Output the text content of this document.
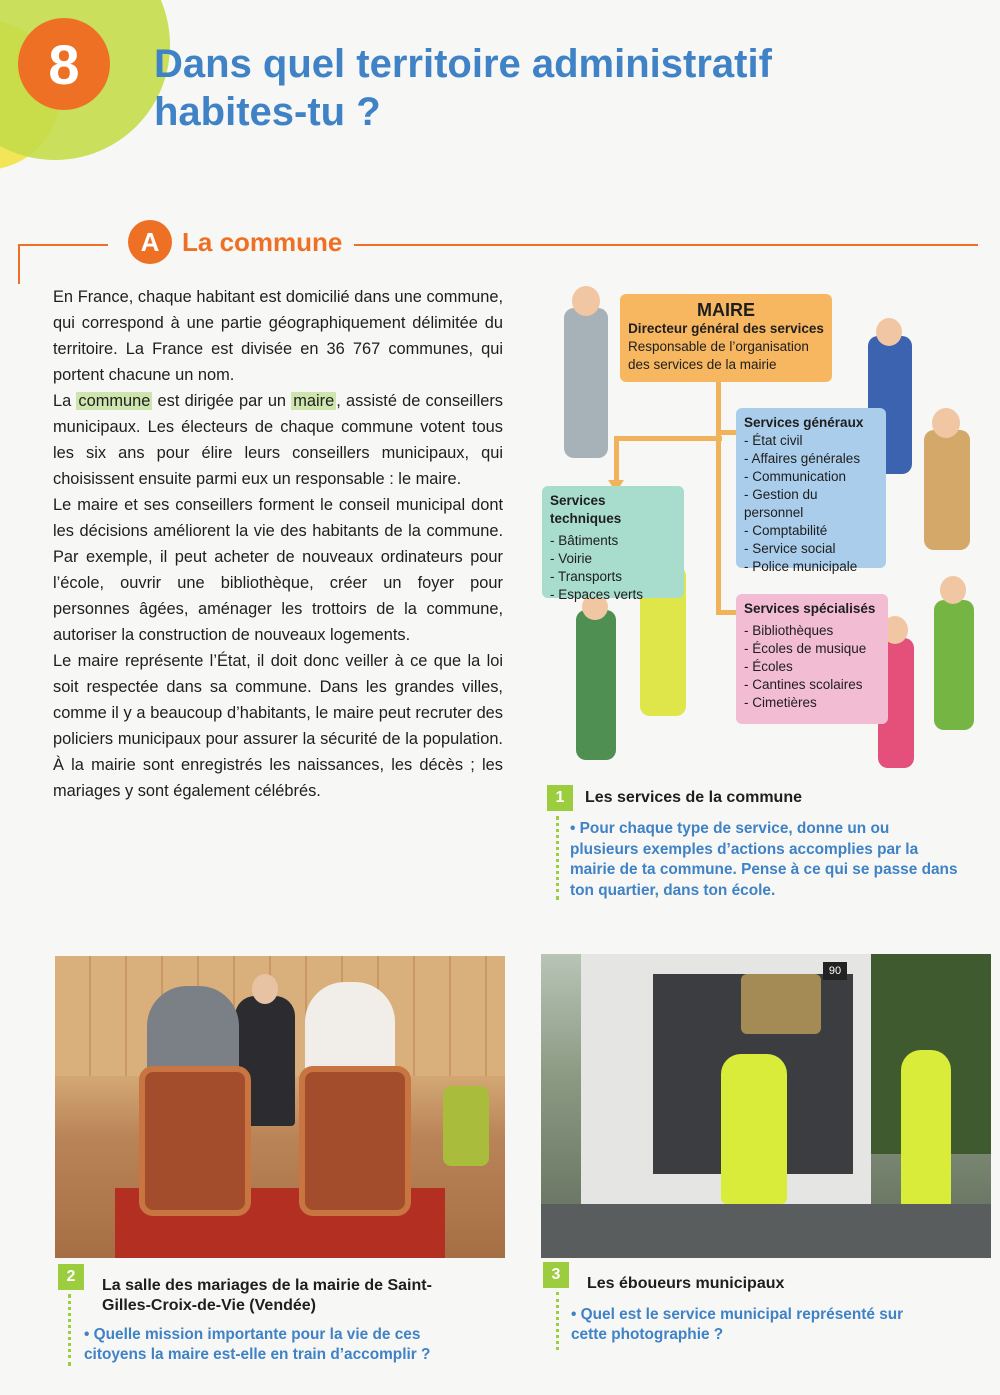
8	Dans quel territoire administratif habites-tu ?
A La commune

En France, chaque habitant est domicilié dans une commune, qui correspond à une partie géographiquement délimitée du territoire. La France est divisée en 36 767 communes, qui portent chacune un nom.

La commune est dirigée par un maire , assisté de conseillers municipaux. Les électeurs de chaque commune votent tous les six ans pour élire leurs conseillers municipaux, qui choisissent ensuite parmi eux un responsable : le maire.

Le maire et ses conseillers forment le conseil municipal dont les décisions améliorent la vie des habitants de la commune. Par exemple, il peut acheter de nouveaux ordinateurs pour l’école, ouvrir une bibliothèque, créer un foyer pour personnes âgées, aménager les trottoirs de la commune, autoriser la construction de nouveaux logements.

Le maire représente l’État, il doit donc veiller à ce que la loi soit respectée dans sa commune. Dans les grandes villes, comme il y a beaucoup d’habitants, le maire peut recruter des policiers municipaux pour assurer la sécurité de la population. À la mairie sont enregistrés les naissances, les décès ; les mariages y sont également célébrés.

MAIRE
Directeur général des services
Responsable de l’organisation des services de la mairie
Services généraux
- État civil
- Affaires générales
- Communication
- Gestion du personnel
- Comptabilité
- Service social
- Police municipale
Services techniques
- Bâtiments
- Voirie
- Transports
- Espaces verts
Services spécialisés
- Bibliothèques
- Écoles de musique
- Écoles
- Cantines scolaires
- Cimetières
1	Les services de la commune
• Pour chaque type de service, donne un ou plusieurs exemples d’actions accomplies par la mairie de ta commune. Pense à ce qui se passe dans ton quartier, dans ton école.
2
La salle des mariages de la mairie de Saint-Gilles-Croix-de-Vie (Vendée)
• Quelle mission importante pour la vie de ces citoyens la maire est-elle en train d’accomplir ?
90
3
Les éboueurs municipaux
• Quel est le service municipal représenté sur cette photographie ?
